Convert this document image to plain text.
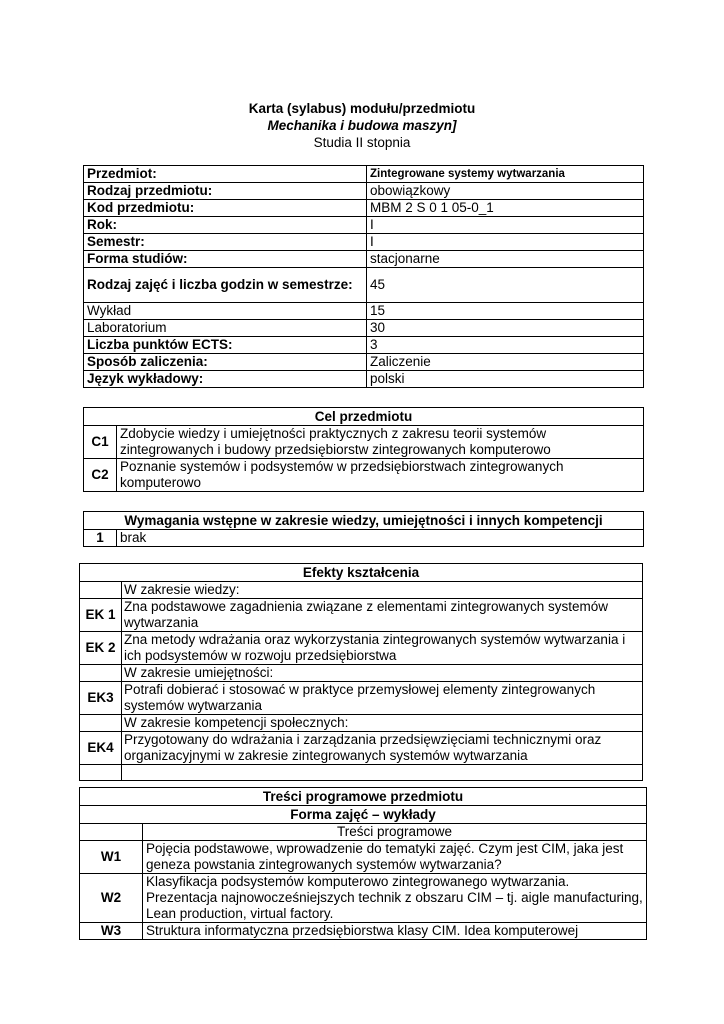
Karta (sylabus) modułu/przedmiotu
Mechanika i budowa maszyn]
Studia II stopnia
Przedmiot:	Zintegrowane systemy wytwarzania
Rodzaj przedmiotu:	obowiązkowy
Kod przedmiotu:	MBM 2 S 0 1 05-0_1
Rok:	I
Semestr:	I
Forma studiów:	stacjonarne
Rodzaj zajęć i liczba godzin w semestrze:	45
Wykład	15
Laboratorium	30
Liczba punktów ECTS:	3
Sposób zaliczenia:	Zaliczenie
Język wykładowy:	polski
Cel przedmiotu	
C1	Zdobycie wiedzy i umiejętności praktycznych z zakresu teorii systemów zintegrowanych i budowy przedsiębiorstw zintegrowanych komputerowo
C2	Poznanie systemów i podsystemów w przedsiębiorstwach zintegrowanych komputerowo
Wymagania wstępne w zakresie wiedzy, umiejętności i innych kompetencji
1	brak
Efekty kształcenia	
	W zakresie wiedzy:
EK 1	Zna podstawowe zagadnienia związane z elementami zintegrowanych systemów wytwarzania
EK 2	Zna metody wdrażania oraz wykorzystania zintegrowanych systemów wytwarzania i ich podsystemów w rozwoju przedsiębiorstwa
	W zakresie umiejętności:
EK3	Potrafi dobierać i stosować w praktyce przemysłowej elementy zintegrowanych systemów wytwarzania
	W zakresie kompetencji społecznych:
EK4	Przygotowany do wdrażania i zarządzania przedsięwzięciami technicznymi oraz organizacyjnymi w zakresie zintegrowanych systemów wytwarzania

Treści programowe przedmiotu	
Forma zajęć – wykłady	
	Treści programowe
W1	Pojęcia podstawowe, wprowadzenie do tematyki zajęć. Czym jest CIM, jaka jest geneza powstania zintegrowanych systemów wytwarzania?
W2	Klasyfikacja podsystemów komputerowo zintegrowanego wytwarzania. Prezentacja najnowocześniejszych technik z obszaru CIM – tj. aigle manufacturing, Lean production, virtual factory.
W3	Struktura informatyczna przedsiębiorstwa klasy CIM. Idea komputerowej
